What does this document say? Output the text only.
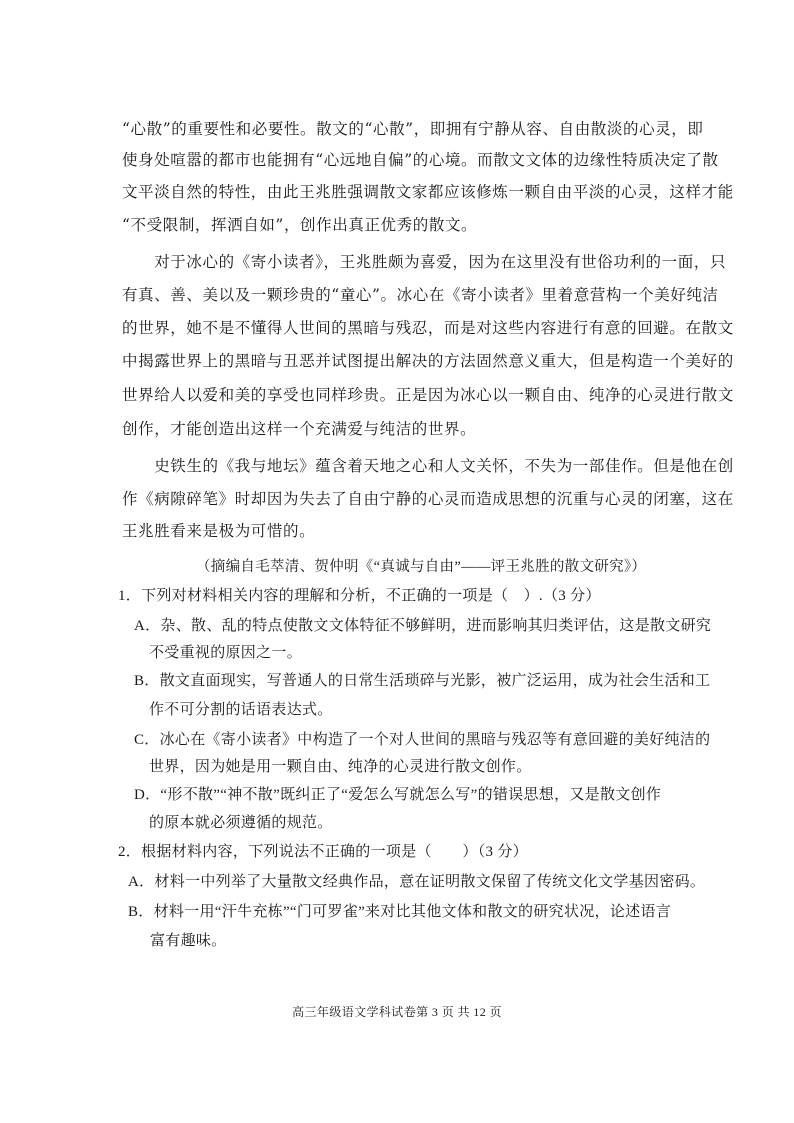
“心散”的重要性和必要性。散文的“心散”，即拥有宁静从容、自由散淡的心灵，即
使身处喧嚣的都市也能拥有“心远地自偏”的心境。而散文文体的边缘性特质决定了散
文平淡自然的特性，由此王兆胜强调散文家都应该修炼一颗自由平淡的心灵，这样才能
“不受限制，挥洒自如”，创作出真正优秀的散文。
　　对于冰心的《寄小读者》，王兆胜颇为喜爱，因为在这里没有世俗功利的一面，只
有真、善、美以及一颗珍贵的“童心”。冰心在《寄小读者》里着意营构一个美好纯洁
的世界，她不是不懂得人世间的黑暗与残忍，而是对这些内容进行有意的回避。在散文
中揭露世界上的黑暗与丑恶并试图提出解决的方法固然意义重大，但是构造一个美好的
世界给人以爱和美的享受也同样珍贵。正是因为冰心以一颗自由、纯净的心灵进行散文
创作，才能创造出这样一个充满爱与纯洁的世界。
　　史铁生的《我与地坛》蕴含着天地之心和人文关怀，不失为一部佳作。但是他在创
作《病隙碎笔》时却因为失去了自由宁静的心灵而造成思想的沉重与心灵的闭塞，这在
王兆胜看来是极为可惜的。
（摘编自毛萃清、贺仲明《“真诚与自由”——评王兆胜的散文研究》）
1．下列对材料相关内容的理解和分析，不正确的一项是（　）.（3 分）
A．杂、散、乱的特点使散文文体特征不够鲜明，进而影响其归类评估，这是散文研究
不受重视的原因之一。
B．散文直面现实，写普通人的日常生活琐碎与光影，被广泛运用，成为社会生活和工
作不可分割的话语表达式。
C．冰心在《寄小读者》中构造了一个对人世间的黑暗与残忍等有意回避的美好纯洁的
世界，因为她是用一颗自由、纯净的心灵进行散文创作。
D．“形不散”“神不散”既纠正了“爱怎么写就怎么写”的错误思想，又是散文创作
的原本就必须遵循的规范。
2．根据材料内容，下列说法不正确的一项是（　　）（3 分）
A．材料一中列举了大量散文经典作品，意在证明散文保留了传统文化文学基因密码。
B．材料一用“汗牛充栋”“门可罗雀”来对比其他文体和散文的研究状况，论述语言
富有趣味。
高三年级语文学科试卷第 3 页 共 12 页
